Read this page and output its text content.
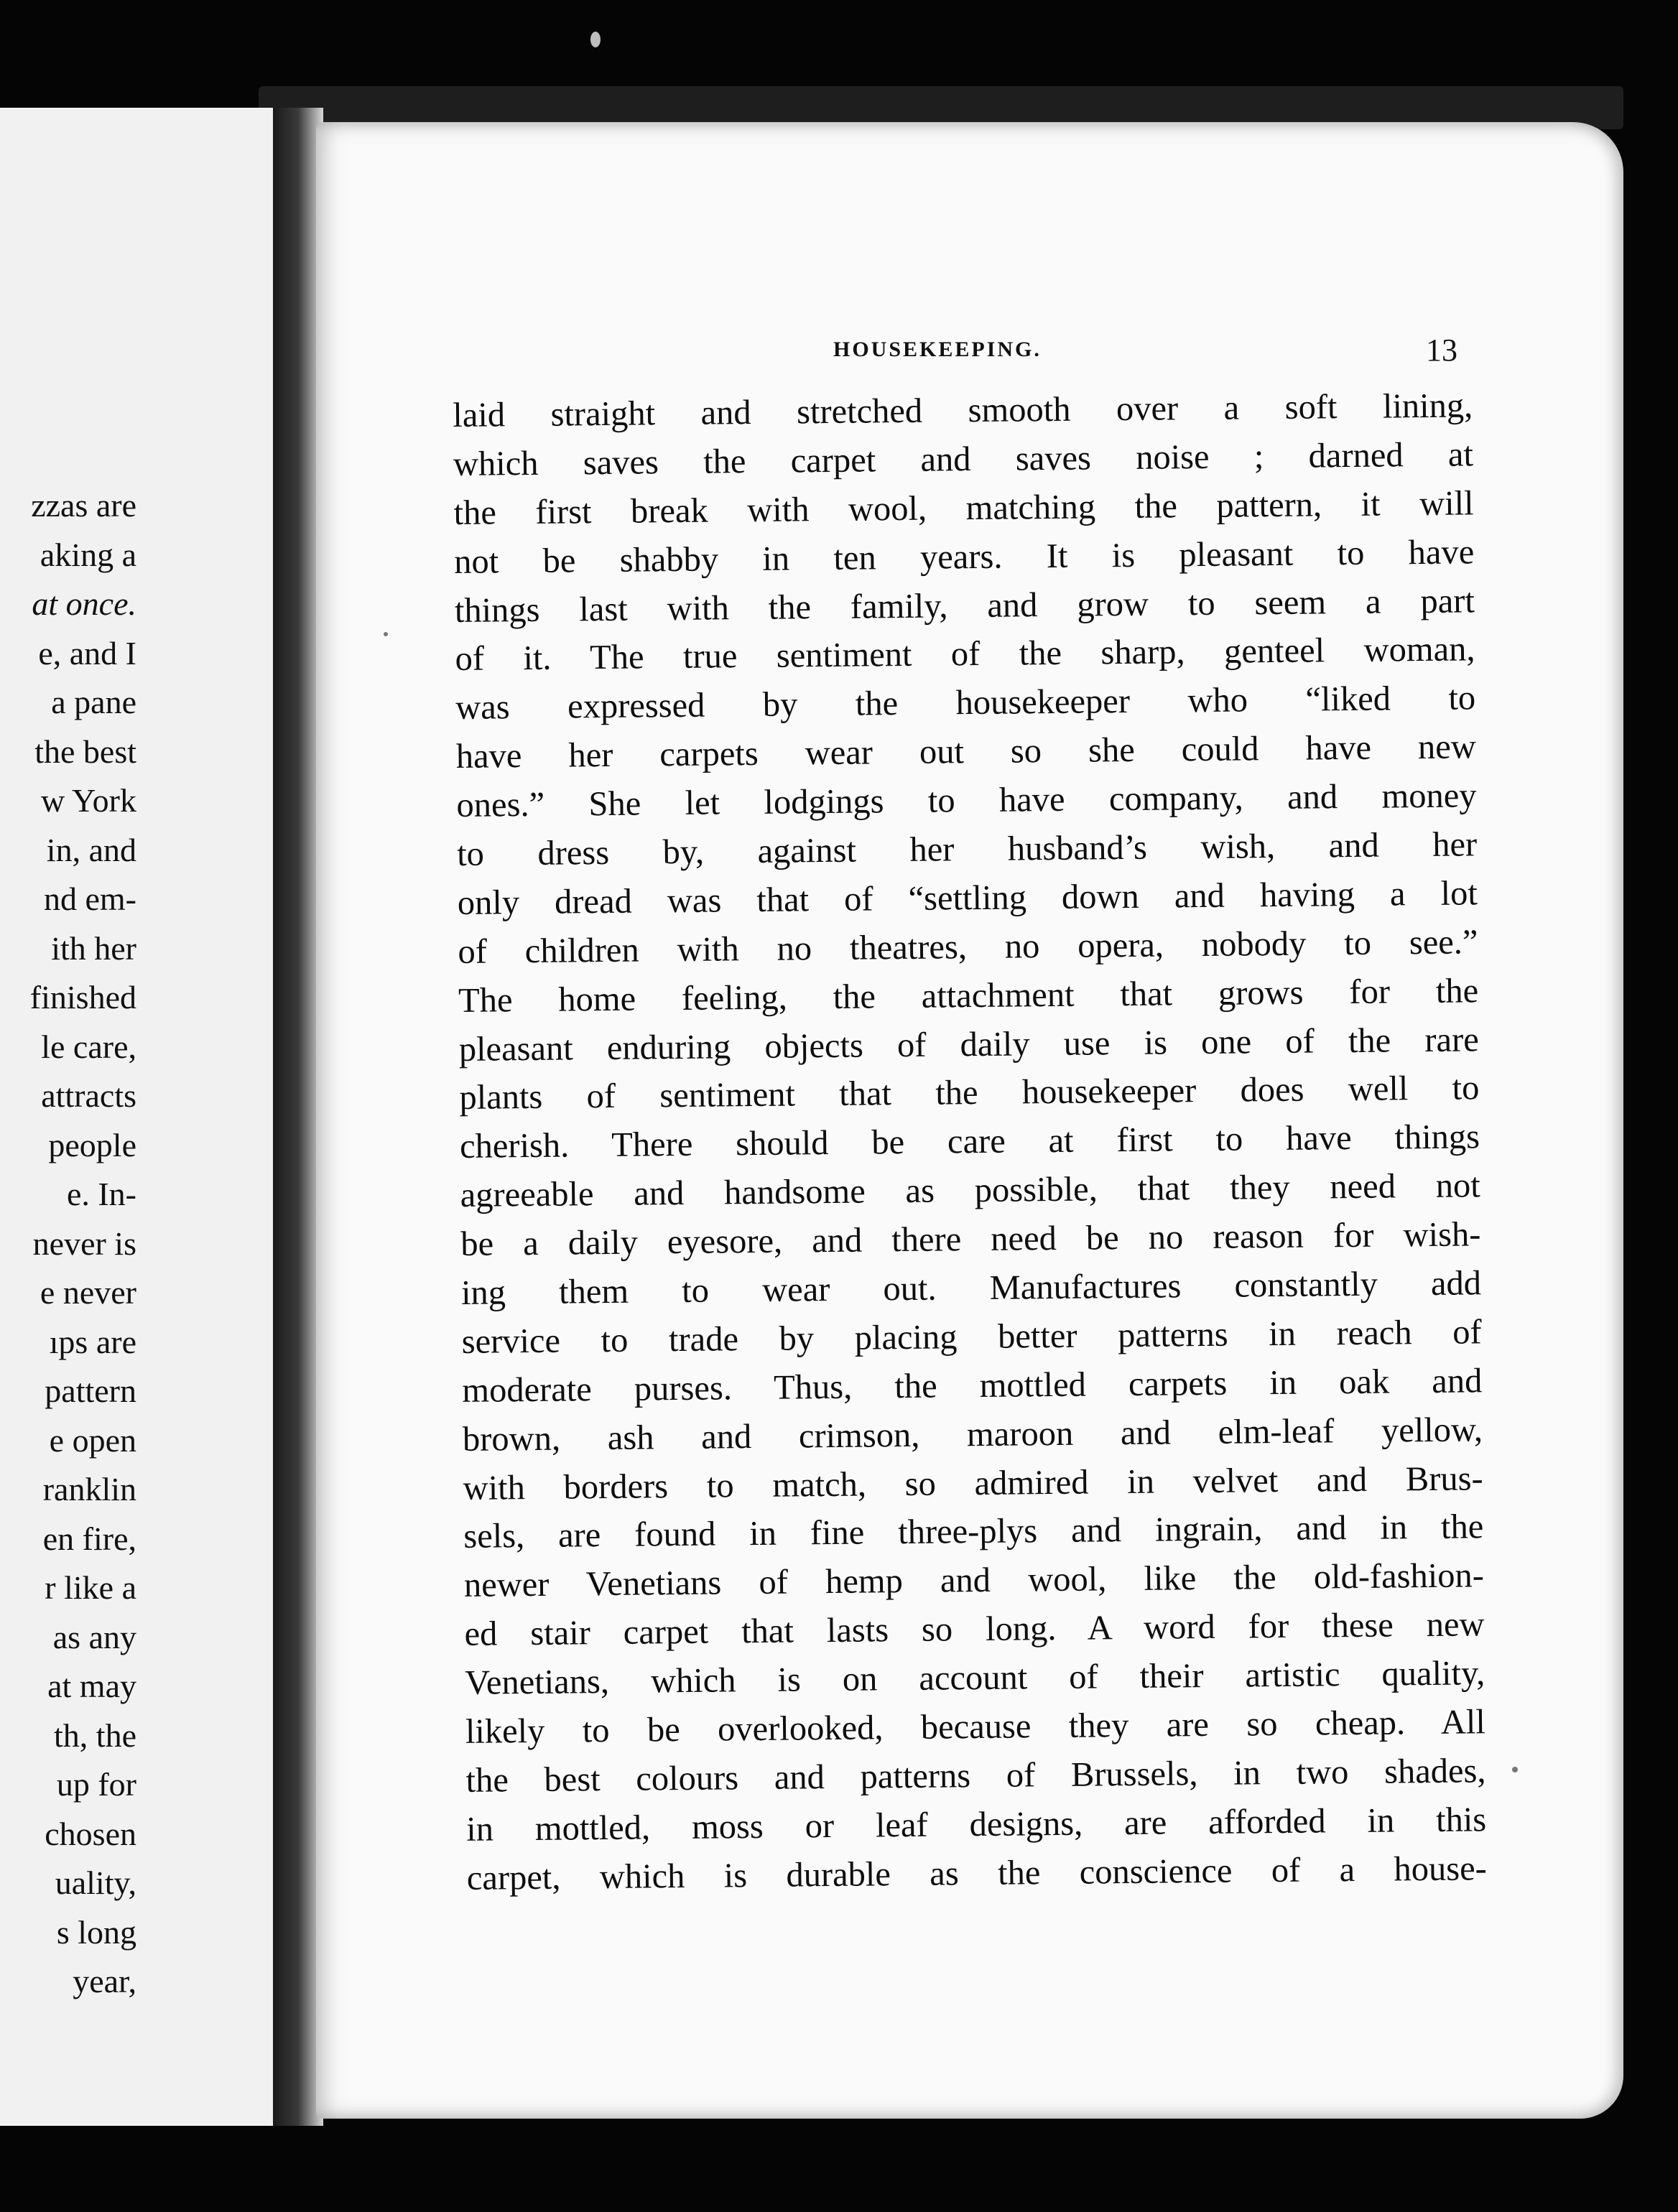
zzas are
aking a
at once.
e, and I
a pane
the best
w York
in, and
nd em-
ith her
finished
le care,
attracts
people
e. In-
never is
e never
ıps are
pattern
e open
ranklin
en fire,
r like a
as any
at may
th, the
up for
chosen
uality,
s long
year,
HOUSEKEEPING.	13
laid straight and stretched smooth over a soft lining,
which saves the carpet and saves noise ; darned at
the first break with wool, matching the pattern, it will
not be shabby in ten years. It is pleasant to have
things last with the family, and grow to seem a part
of it. The true sentiment of the sharp, genteel woman,
was expressed by the housekeeper who “liked to
have her carpets wear out so she could have new
ones.” She let lodgings to have company, and money
to dress by, against her husband’s wish, and her
only dread was that of “settling down and having a lot
of children with no theatres, no opera, nobody to see.”
The home feeling, the attachment that grows for the
pleasant enduring objects of daily use is one of the rare
plants of sentiment that the housekeeper does well to
cherish. There should be care at first to have things
agreeable and handsome as possible, that they need not
be a daily eyesore, and there need be no reason for wish-
ing them to wear out. Manufactures constantly add
service to trade by placing better patterns in reach of
moderate purses. Thus, the mottled carpets in oak and
brown, ash and crimson, maroon and elm-leaf yellow,
with borders to match, so admired in velvet and Brus-
sels, are found in fine three-plys and ingrain, and in the
newer Venetians of hemp and wool, like the old-fashion-
ed stair carpet that lasts so long. A word for these new
Venetians, which is on account of their artistic quality,
likely to be overlooked, because they are so cheap. All
the best colours and patterns of Brussels, in two shades,
in mottled, moss or leaf designs, are afforded in this
carpet, which is durable as the conscience of a house-
